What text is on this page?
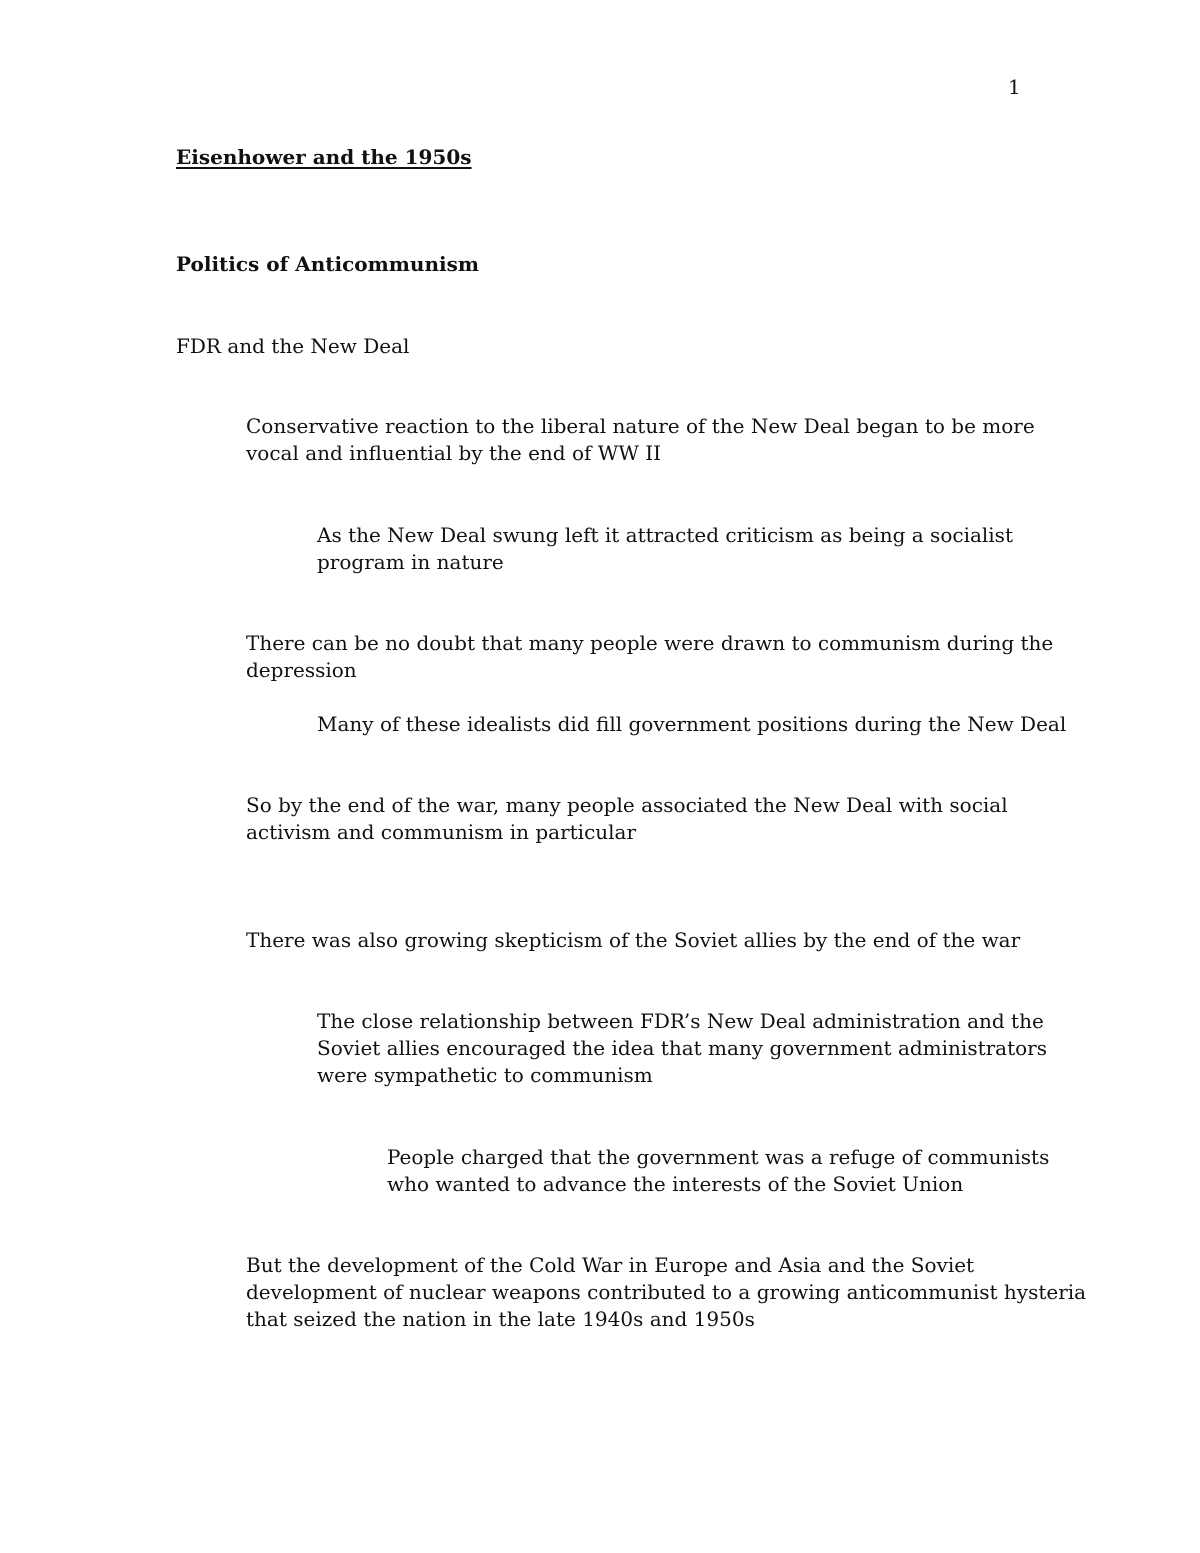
1

Eisenhower and the 1950s

Politics of Anticommunism

FDR and the New Deal

Conservative reaction to the liberal nature of the New Deal began to be more
vocal and influential by the end of WW II

As the New Deal swung left it attracted criticism as being a socialist
program in nature

There can be no doubt that many people were drawn to communism during the
depression

Many of these idealists did fill government positions during the New Deal

So by the end of the war, many people associated the New Deal with social
activism and communism in particular

There was also growing skepticism of the Soviet allies by the end of the war

The close relationship between FDR’s New Deal administration and the
Soviet allies encouraged the idea that many government administrators
were sympathetic to communism

People charged that the government was a refuge of communists
who wanted to advance the interests of the Soviet Union

But the development of the Cold War in Europe and Asia and the Soviet
development of nuclear weapons contributed to a growing anticommunist hysteria
that seized the nation in the late 1940s and 1950s
